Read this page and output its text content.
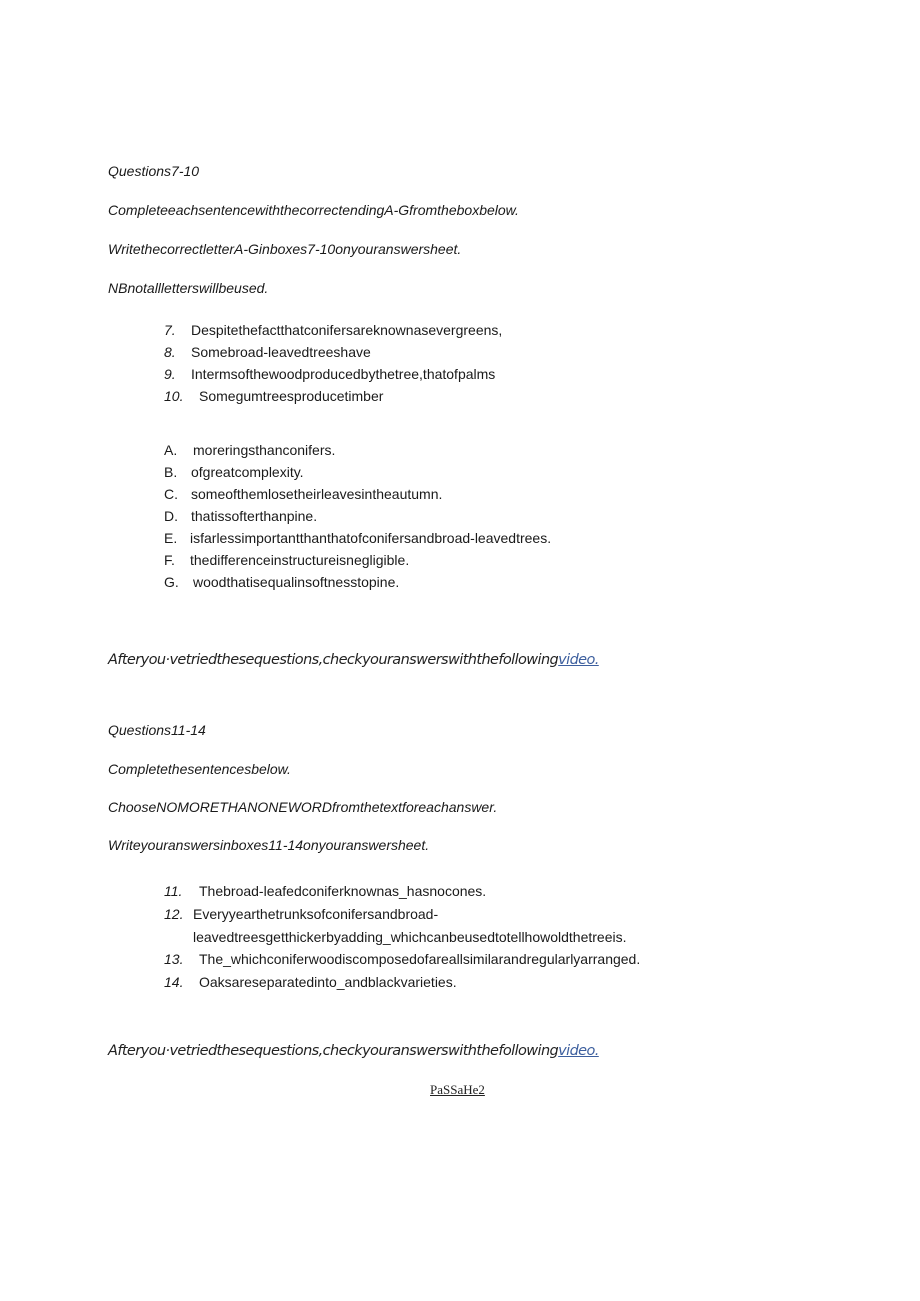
Questions7-10
CompleteeachsentencewiththecorrectendingA-Gfromtheboxbelow.
WritethecorrectletterA-Ginboxes7-10onyouranswersheet.
NBnotallletterswillbeused.
7. Despitethefactthatconifersareknownasevergreens,
8. Somebroad-leavedtreeshave
9. Intermsofthewoodproducedbythetree,thatofpalms
10. Somegumtreesproducetimber
A. moreringsthanconifers.
B. ofgreatcomplexity.
C. someofthemlosetheirleavesintheautumn.
D. thatissofterthanpine.
E. isfarlessimportantthanthatofconifersandbroad-leavedtrees.
F. thedifferenceinstructureisnegligible.
G. woodthatisequalinsoftnesstopine.
Afteryou·vetriedthesequestions,checkyouranswerswiththefollowingvideo.
Questions11-14
Completethesentencesbelow.
ChooseNOMORETHANONEWORDfromthetextforeachanswer.
Writeyouranswersinboxes11-14onyouranswersheet.
11. Thebroad-leafedconiferknownas_hasnocones.
12. Everyyearthetrunksofconifersandbroad-
leavedtreesgetthickerbyadding_whichcanbeusedtotellhowoldthetreeis.
13. The_whichconiferwoodiscomposedofareallsimilarandregularlyarranged.
14. Oaksareseparatedinto_andblackvarieties.
Afteryou·vetriedthesequestions,checkyouranswerswiththefollowingvideo.
PaSSaHe2
